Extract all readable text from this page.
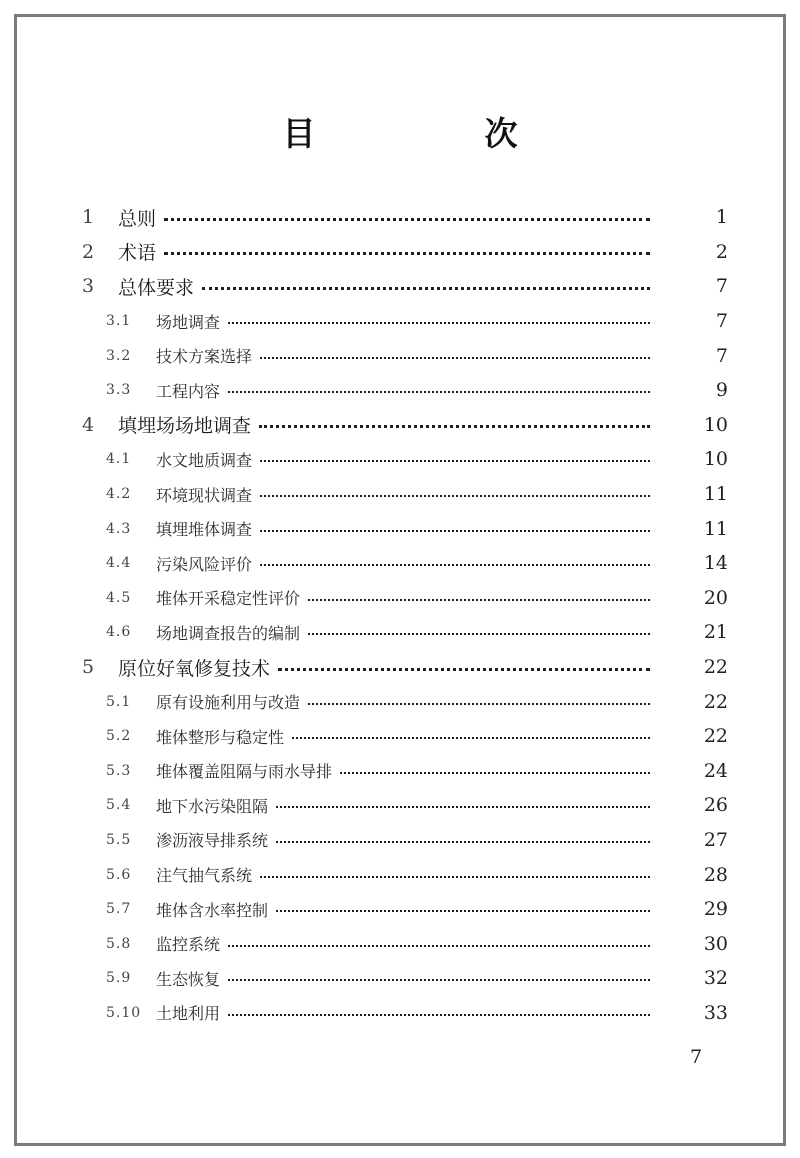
目　次
1	总则	1
2	术语	2
3	总体要求	7
3.1	场地调查	7
3.2	技术方案选择	7
3.3	工程内容	9
4	填埋场场地调查	10
4.1	水文地质调查	10
4.2	环境现状调查	11
4.3	填埋堆体调查	11
4.4	污染风险评价	14
4.5	堆体开采稳定性评价	20
4.6	场地调查报告的编制	21
5	原位好氧修复技术	22
5.1	原有设施利用与改造	22
5.2	堆体整形与稳定性	22
5.3	堆体覆盖阻隔与雨水导排	24
5.4	地下水污染阻隔	26
5.5	渗沥液导排系统	27
5.6	注气抽气系统	28
5.7	堆体含水率控制	29
5.8	监控系统	30
5.9	生态恢复	32
5.10 土地利用	33
7
